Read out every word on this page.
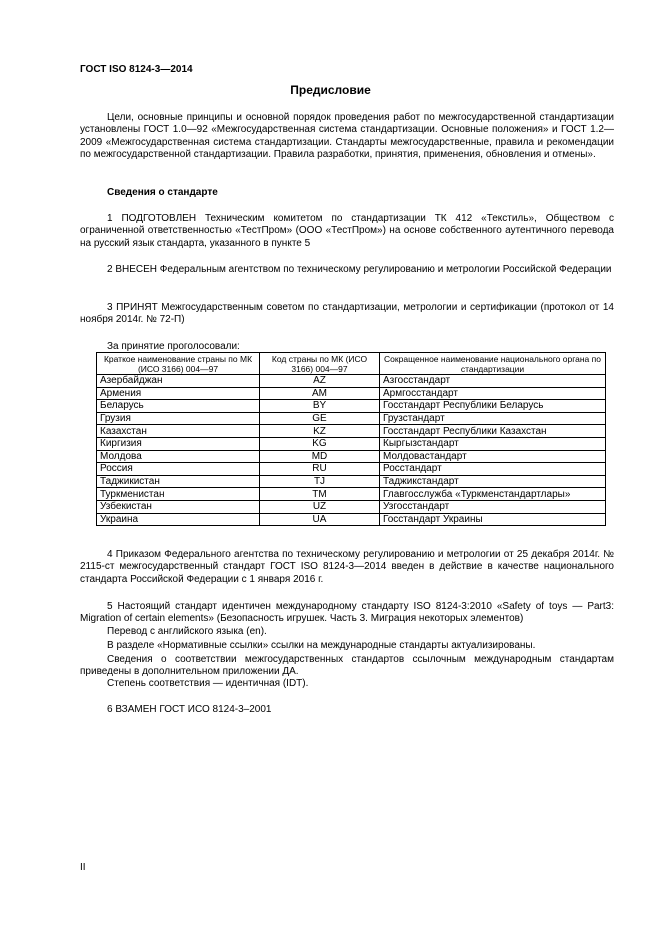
ГОСТ ISO 8124-3—2014
Предисловие
Цели, основные принципы и основной порядок проведения работ по межгосударственной стандартизации установлены ГОСТ 1.0—92 «Межгосударственная система стандартизации. Основные положения» и ГОСТ 1.2—2009 «Межгосударственная система стандартизации. Стандарты межгосударственные, правила и рекомендации по межгосударственной стандартизации. Правила разработки, принятия, применения, обновления и отмены».
Сведения о стандарте
1 ПОДГОТОВЛЕН Техническим комитетом по стандартизации ТК 412 «Текстиль», Обществом с ограниченной ответственностью «ТестПром» (ООО «ТестПром») на основе собственного аутентичного перевода на русский язык стандарта, указанного в пункте 5
2 ВНЕСЕН Федеральным агентством по техническому регулированию и метрологии Российской Федерации
3 ПРИНЯТ Межгосударственным советом по стандартизации, метрологии и сертификации (протокол от 14 ноября 2014г. № 72-П)
За принятие проголосовали:
Краткое наименование страны по МК (ИСО 3166) 004—97	Код страны по МК (ИСО 3166) 004—97	Сокращенное наименование национального органа по стандартизации
Азербайджан	AZ	Азгосстандарт
Армения	AM	Армгосстандарт
Беларусь	BY	Госстандарт Республики Беларусь
Грузия	GE	Грузстандарт
Казахстан	KZ	Госстандарт Республики Казахстан
Киргизия	KG	Кыргызстандарт
Молдова	MD	Молдовастандарт
Россия	RU	Росстандарт
Таджикистан	TJ	Таджикстандарт
Туркменистан	TM	Главгосслужба «Туркменстандартлары»
Узбекистан	UZ	Узгосстандарт
Украина	UA	Госстандарт Украины
4 Приказом Федерального агентства по техническому регулированию и метрологии от 25 декабря 2014г. № 2115-ст межгосударственный стандарт ГОСТ ISO 8124-3—2014 введен в действие в качестве национального стандарта Российской Федерации с 1 января 2016 г.
5 Настоящий стандарт идентичен международному стандарту ISO 8124-3:2010 «Safety of toys — Part3: Migration of certain elements» (Безопасность игрушек. Часть 3. Миграция некоторых элементов)
Перевод с английского языка (en).
В разделе «Нормативные ссылки» ссылки на международные стандарты актуализированы.
Сведения о соответствии межгосударственных стандартов ссылочным международным стандартам приведены в дополнительном приложении ДА.
Степень соответствия — идентичная (IDT).
6 ВЗАМЕН ГОСТ ИСО 8124-3–2001
II
